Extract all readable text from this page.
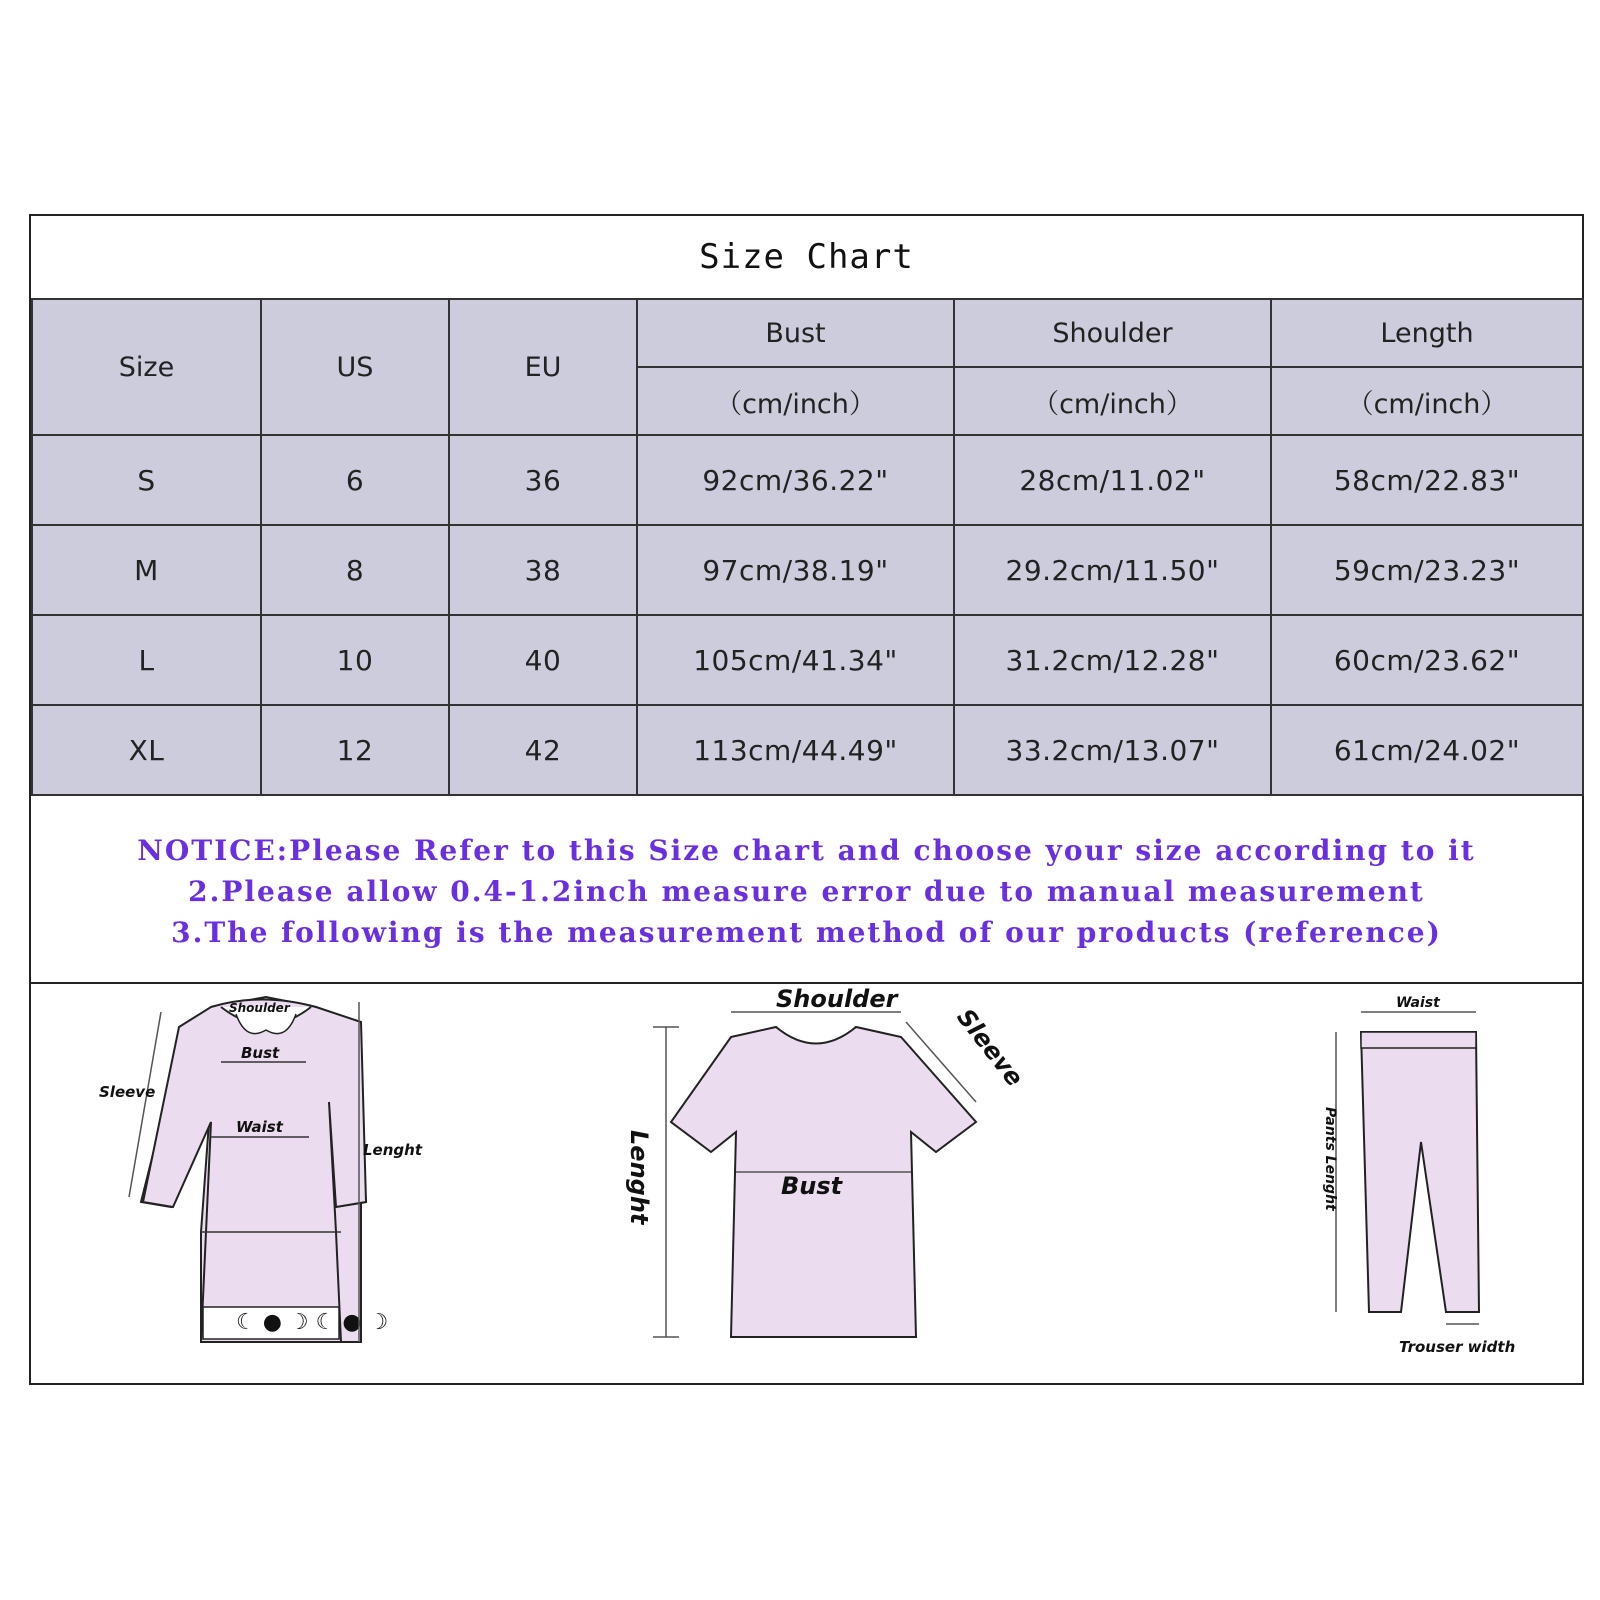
Size Chart
Size	US	EU	Bust	Shoulder	Length
			（cm/inch）	（cm/inch）	（cm/inch）
S	6	36	92cm/36.22"	28cm/11.02"	58cm/22.83"
M	8	38	97cm/38.19"	29.2cm/11.50"	59cm/23.23"
L	10	40	105cm/41.34"	31.2cm/12.28"	60cm/23.62"
XL	12	42	113cm/44.49"	33.2cm/13.07"	61cm/24.02"
NOTICE:Please Refer to this Size chart and choose your size according to it
2.Please allow 0.4-1.2inch measure error due to manual measurement
3.The following is the measurement method of our products (reference)
☾ ● ☽ ☾ ● ☽
Shoulder
Bust
Waist
Sleeve
Lenght
Shoulder
Sleeve
Bust
Lenght
Waist
Pants Lenght
Trouser width
